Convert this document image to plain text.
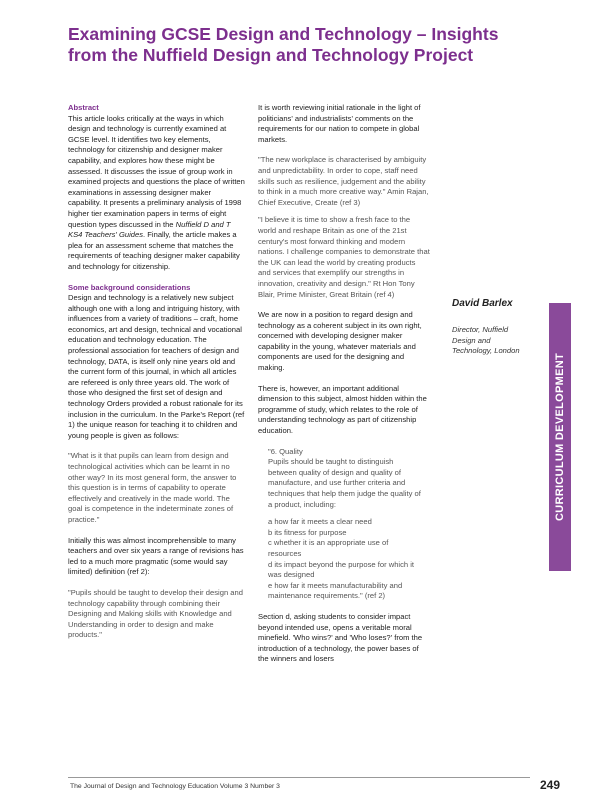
Examining GCSE Design and Technology – Insights from the Nuffield Design and Technology Project

Abstract

This article looks critically at the ways in which design and technology is currently examined at GCSE level. It identifies two key elements, technology for citizenship and designer maker capability, and explores how these might be assessed. It discusses the issue of group work in examined projects and questions the place of written examinations in assessing designer maker capability. It presents a preliminary analysis of 1998 higher tier examination papers in terms of eight question types discussed in the Nuffield D and T KS4 Teachers' Guides. Finally, the article makes a plea for an assessment scheme that matches the requirements of teaching designer maker capability and technology for citizenship.

Some background considerations

Design and technology is a relatively new subject although one with a long and intriguing history, with influences from a variety of traditions – craft, home economics, art and design, technical and vocational education and technology education. The professional association for teachers of design and technology, DATA, is itself only nine years old and the current form of this journal, in which all articles are refereed is only three years old. The work of those who designed the first set of design and technology Orders provided a robust rationale for its inclusion in the curriculum. In the Parke's Report (ref 1) the unique reason for teaching it to children and young people is given as follows:

"What is it that pupils can learn from design and technological activities which can be learnt in no other way? In its most general form, the answer to this question is in terms of capability to operate effectively and creatively in the made world. The goal is competence in the indeterminate zones of practice."

Initially this was almost incomprehensible to many teachers and over six years a range of revisions has led to a much more pragmatic (some would say limited) definition (ref 2):

"Pupils should be taught to develop their design and technology capability through combining their Designing and Making skills with Knowledge and Understanding in order to design and make products."

It is worth reviewing initial rationale in the light of politicians' and industrialists' comments on the requirements for our nation to compete in global markets.

"The new workplace is characterised by ambiguity and unpredictability. In order to cope, staff need skills such as resilience, judgement and the ability to think in a much more creative way." Amin Rajan, Chief Executive, Create (ref 3)

"I believe it is time to show a fresh face to the world and reshape Britain as one of the 21st century's most forward thinking and modern nations. I challenge companies to demonstrate that the UK can lead the world by creating products and services that exemplify our strengths in innovation, creativity and design." Rt Hon Tony Blair, Prime Minister, Great Britain (ref 4)

We are now in a position to regard design and technology as a coherent subject in its own right, concerned with developing designer maker capability in the young, whatever materials and components are used for the designing and making.

There is, however, an important additional dimension to this subject, almost hidden within the programme of study, which relates to the role of understanding technology as part of citizenship education.

"6. Quality

Pupils should be taught to distinguish between quality of design and quality of manufacture, and use further criteria and techniques that help them judge the quality of a product, including:

a how far it meets a clear need

b its fitness for purpose

c whether it is an appropriate use of resources

d its impact beyond the purpose for which it was designed

e how far it meets manufacturability and maintenance requirements." (ref 2)

Section d, asking students to consider impact beyond intended use, opens a veritable moral minefield. 'Who wins?' and 'Who loses?' from the introduction of a technology, the power bases of the winners and losers

David Barlex

Director, Nuffield

Design and

Technology, London

CURRICULUM DEVELOPMENT
The Journal of Design and Technology Education Volume 3 Number 3	249
